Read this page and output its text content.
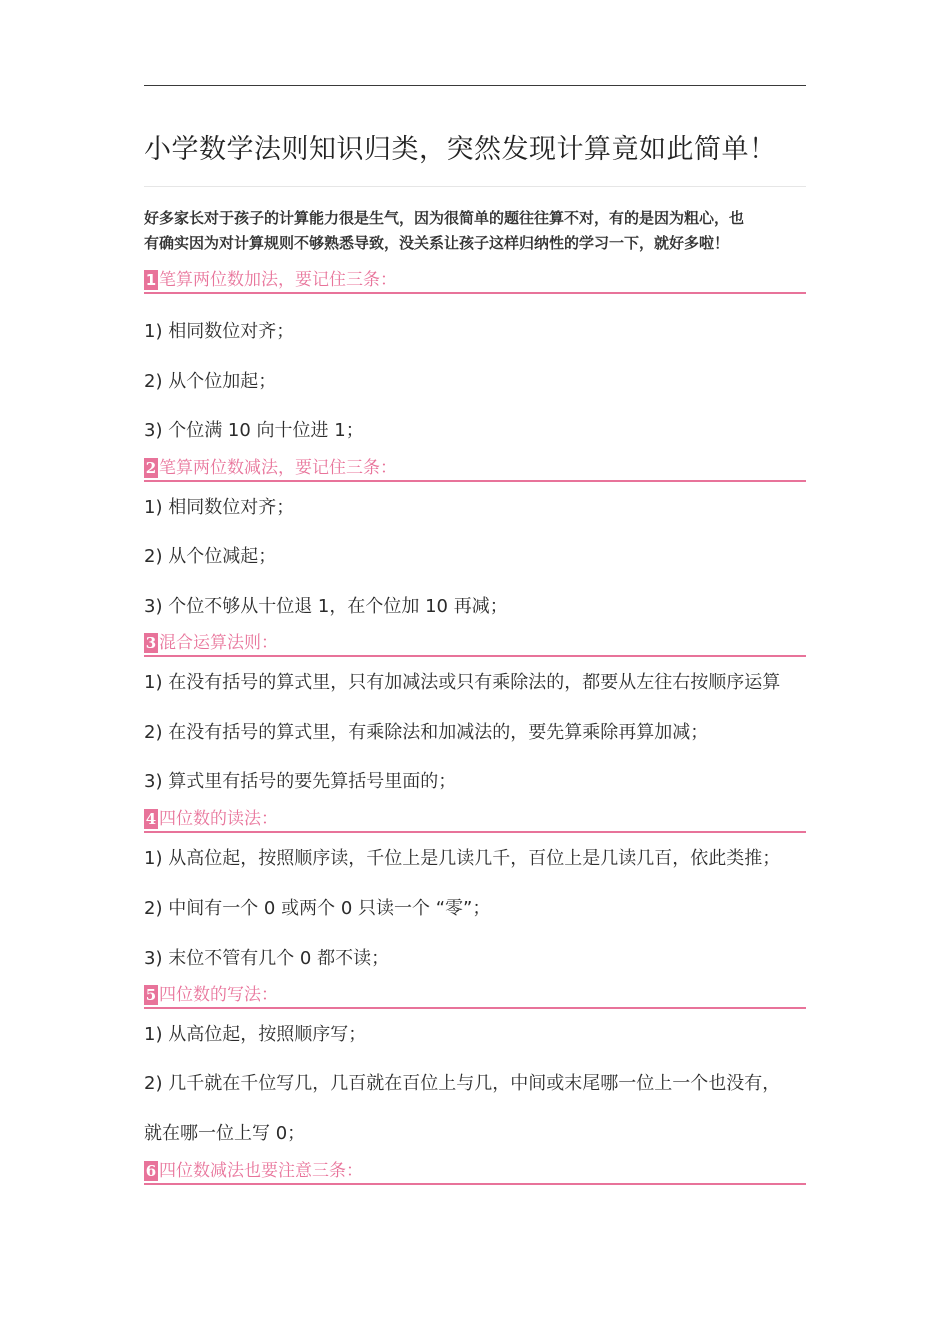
小学数学法则知识归类，突然发现计算竟如此简单！
好多家长对于孩子的计算能力很是生气，因为很简单的题往往算不对，有的是因为粗心，也
有确实因为对计算规则不够熟悉导致，没关系让孩子这样归纳性的学习一下，就好多啦！
1 笔算两位数加法，要记住三条：
1) 相同数位对齐；
2) 从个位加起；
3) 个位满 10 向十位进 1；
2 笔算两位数减法，要记住三条：
1) 相同数位对齐；
2) 从个位减起；
3) 个位不够从十位退 1，在个位加 10 再减；
3 混合运算法则：
1) 在没有括号的算式里，只有加减法或只有乘除法的，都要从左往右按顺序运算
2) 在没有括号的算式里，有乘除法和加减法的，要先算乘除再算加减；
3) 算式里有括号的要先算括号里面的；
4 四位数的读法：
1) 从高位起，按照顺序读，千位上是几读几千，百位上是几读几百，依此类推；
2) 中间有一个 0 或两个 0 只读一个 “零”；
3) 末位不管有几个 0 都不读；
5 四位数的写法：
1) 从高位起，按照顺序写；
2) 几千就在千位写几，几百就在百位上与几，中间或末尾哪一位上一个也没有，
就在哪一位上写 0；
6 四位数减法也要注意三条：
